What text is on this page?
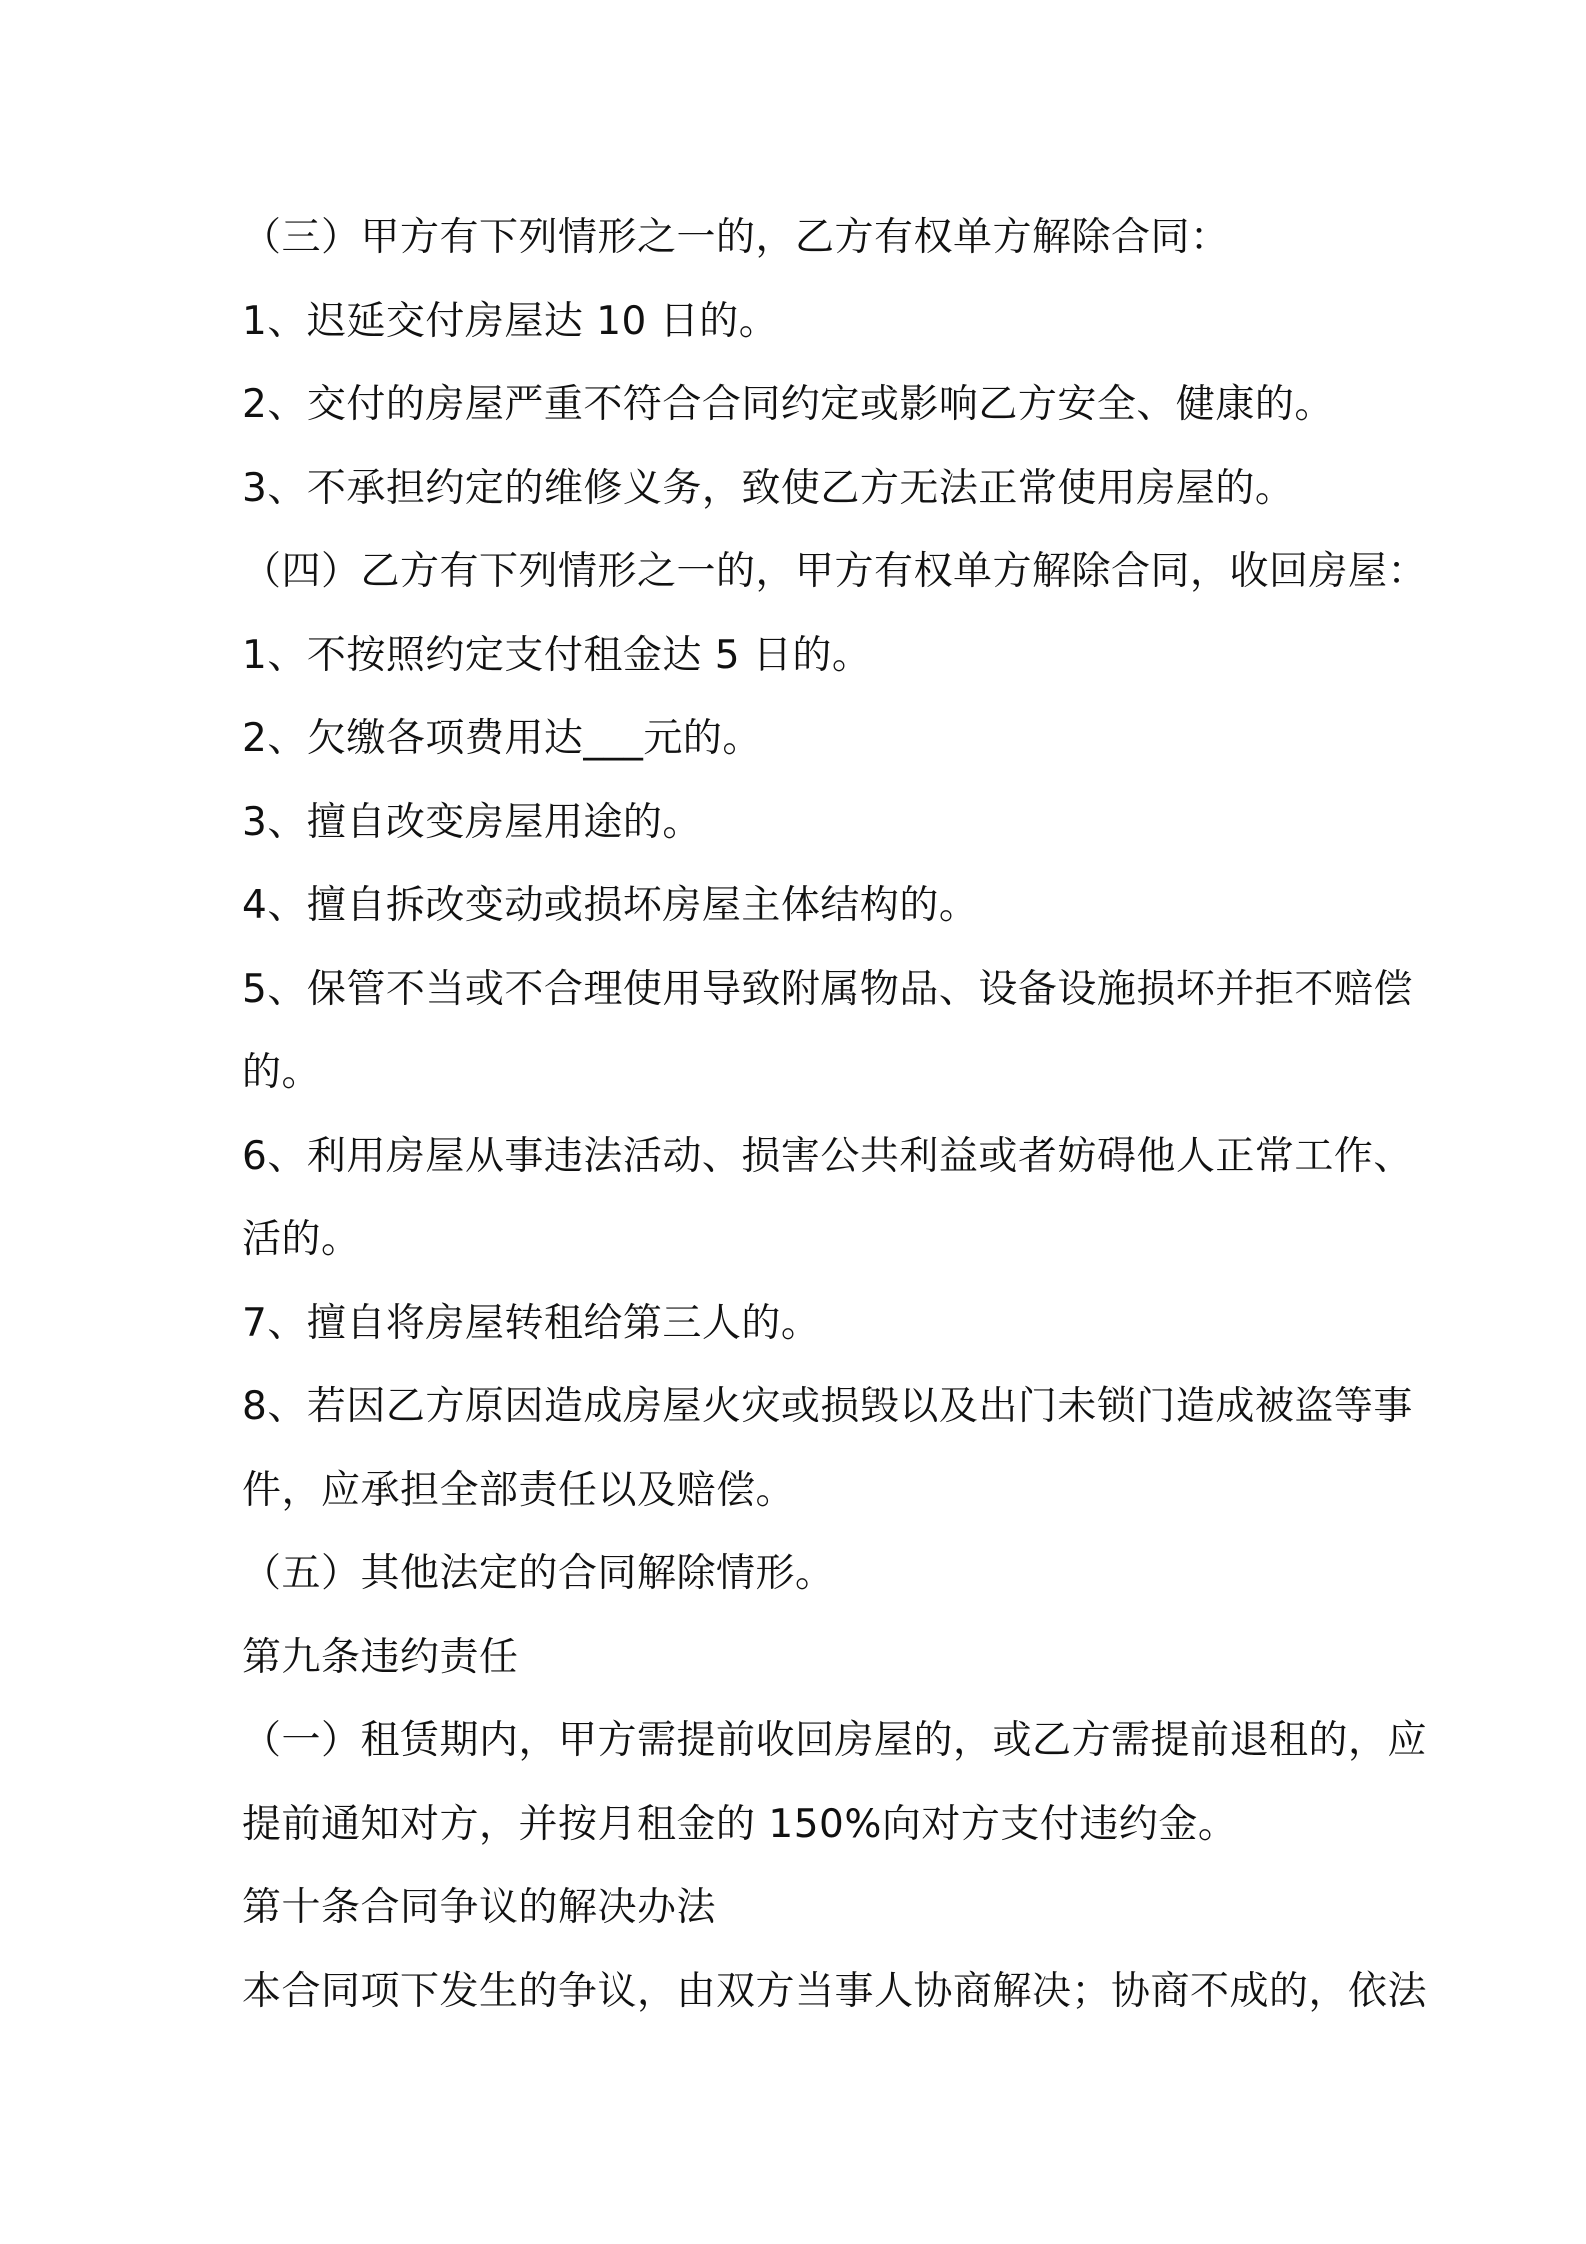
（三）甲方有下列情形之一的，乙方有权单方解除合同：
1、迟延交付房屋达 10 日的。
2、交付的房屋严重不符合合同约定或影响乙方安全、健康的。
3、不承担约定的维修义务，致使乙方无法正常使用房屋的。
（四）乙方有下列情形之一的，甲方有权单方解除合同，收回房屋：
1、不按照约定支付租金达 5 日的。
2、欠缴各项费用达___元的。
3、擅自改变房屋用途的。
4、擅自拆改变动或损坏房屋主体结构的。
5、保管不当或不合理使用导致附属物品、设备设施损坏并拒不赔偿
的。
6、利用房屋从事违法活动、损害公共利益或者妨碍他人正常工作、
活的。
7、擅自将房屋转租给第三人的。
8、若因乙方原因造成房屋火灾或损毁以及出门未锁门造成被盗等事
件，应承担全部责任以及赔偿。
（五）其他法定的合同解除情形。
第九条违约责任
（一）租赁期内，甲方需提前收回房屋的，或乙方需提前退租的，应
提前通知对方，并按月租金的 150%向对方支付违约金。
第十条合同争议的解决办法
本合同项下发生的争议，由双方当事人协商解决；协商不成的，依法
